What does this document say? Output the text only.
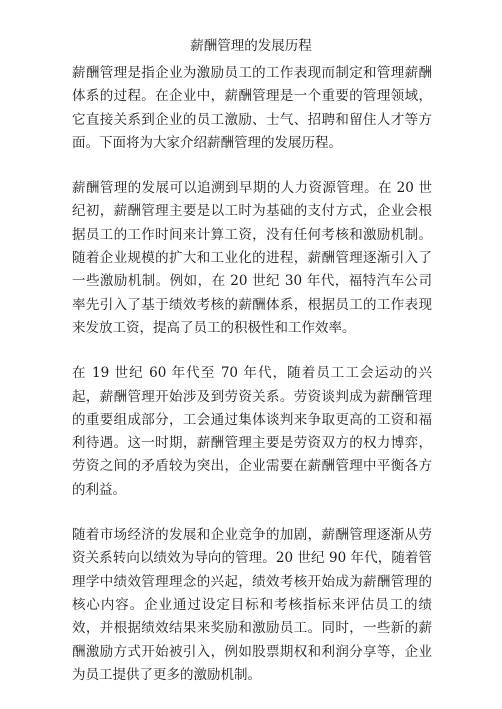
薪酬管理的发展历程

薪酬管理是指企业为激励员工的工作表现而制定和管理薪酬体系的过程。在企业中，薪酬管理是一个重要的管理领域，它直接关系到企业的员工激励、士气、招聘和留住人才等方面。下面将为大家介绍薪酬管理的发展历程。

薪酬管理的发展可以追溯到早期的人力资源管理。在 20 世纪初，薪酬管理主要是以工时为基础的支付方式，企业会根据员工的工作时间来计算工资，没有任何考核和激励机制。随着企业规模的扩大和工业化的进程，薪酬管理逐渐引入了一些激励机制。例如，在 20 世纪 30 年代，福特汽车公司率先引入了基于绩效考核的薪酬体系，根据员工的工作表现来发放工资，提高了员工的积极性和工作效率。

在 19 世纪 60 年代至 70 年代，随着员工工会运动的兴起，薪酬管理开始涉及到劳资关系。劳资谈判成为薪酬管理的重要组成部分，工会通过集体谈判来争取更高的工资和福利待遇。这一时期，薪酬管理主要是劳资双方的权力博弈，劳资之间的矛盾较为突出，企业需要在薪酬管理中平衡各方的利益。

随着市场经济的发展和企业竞争的加剧，薪酬管理逐渐从劳资关系转向以绩效为导向的管理。20 世纪 90 年代，随着管理学中绩效管理理念的兴起，绩效考核开始成为薪酬管理的核心内容。企业通过设定目标和考核指标来评估员工的绩效，并根据绩效结果来奖励和激励员工。同时，一些新的薪酬激励方式开始被引入，例如股票期权和利润分享等，企业为员工提供了更多的激励机制。
